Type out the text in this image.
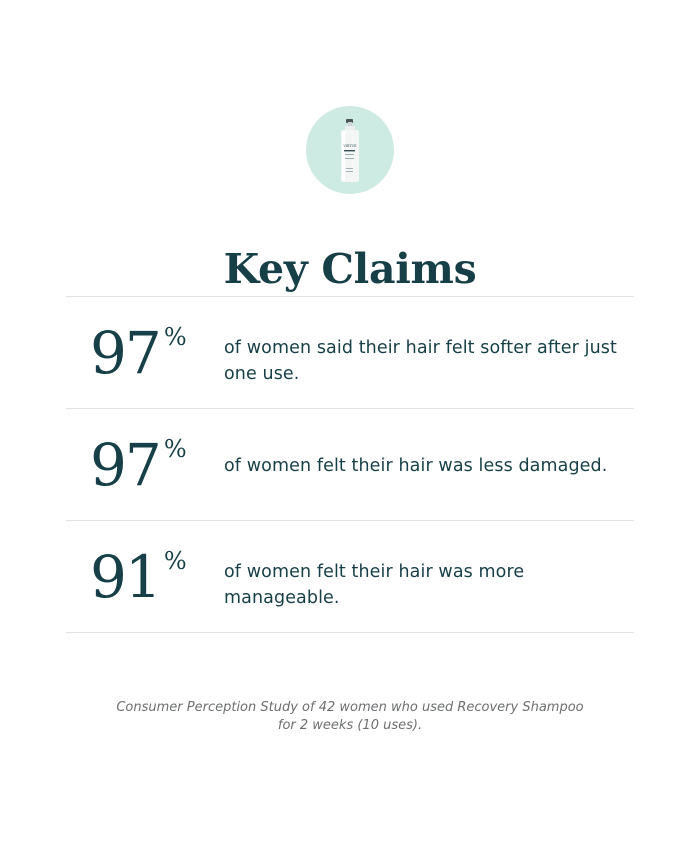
VIRTUE
Key Claims
97 % of women said their hair felt softer after just one use.
97 %
of women felt their hair was less damaged.
91 % of women felt their hair was more manageable.

Consumer Perception Study of 42 women who used Recovery Shampoo
for 2 weeks (10 uses).
